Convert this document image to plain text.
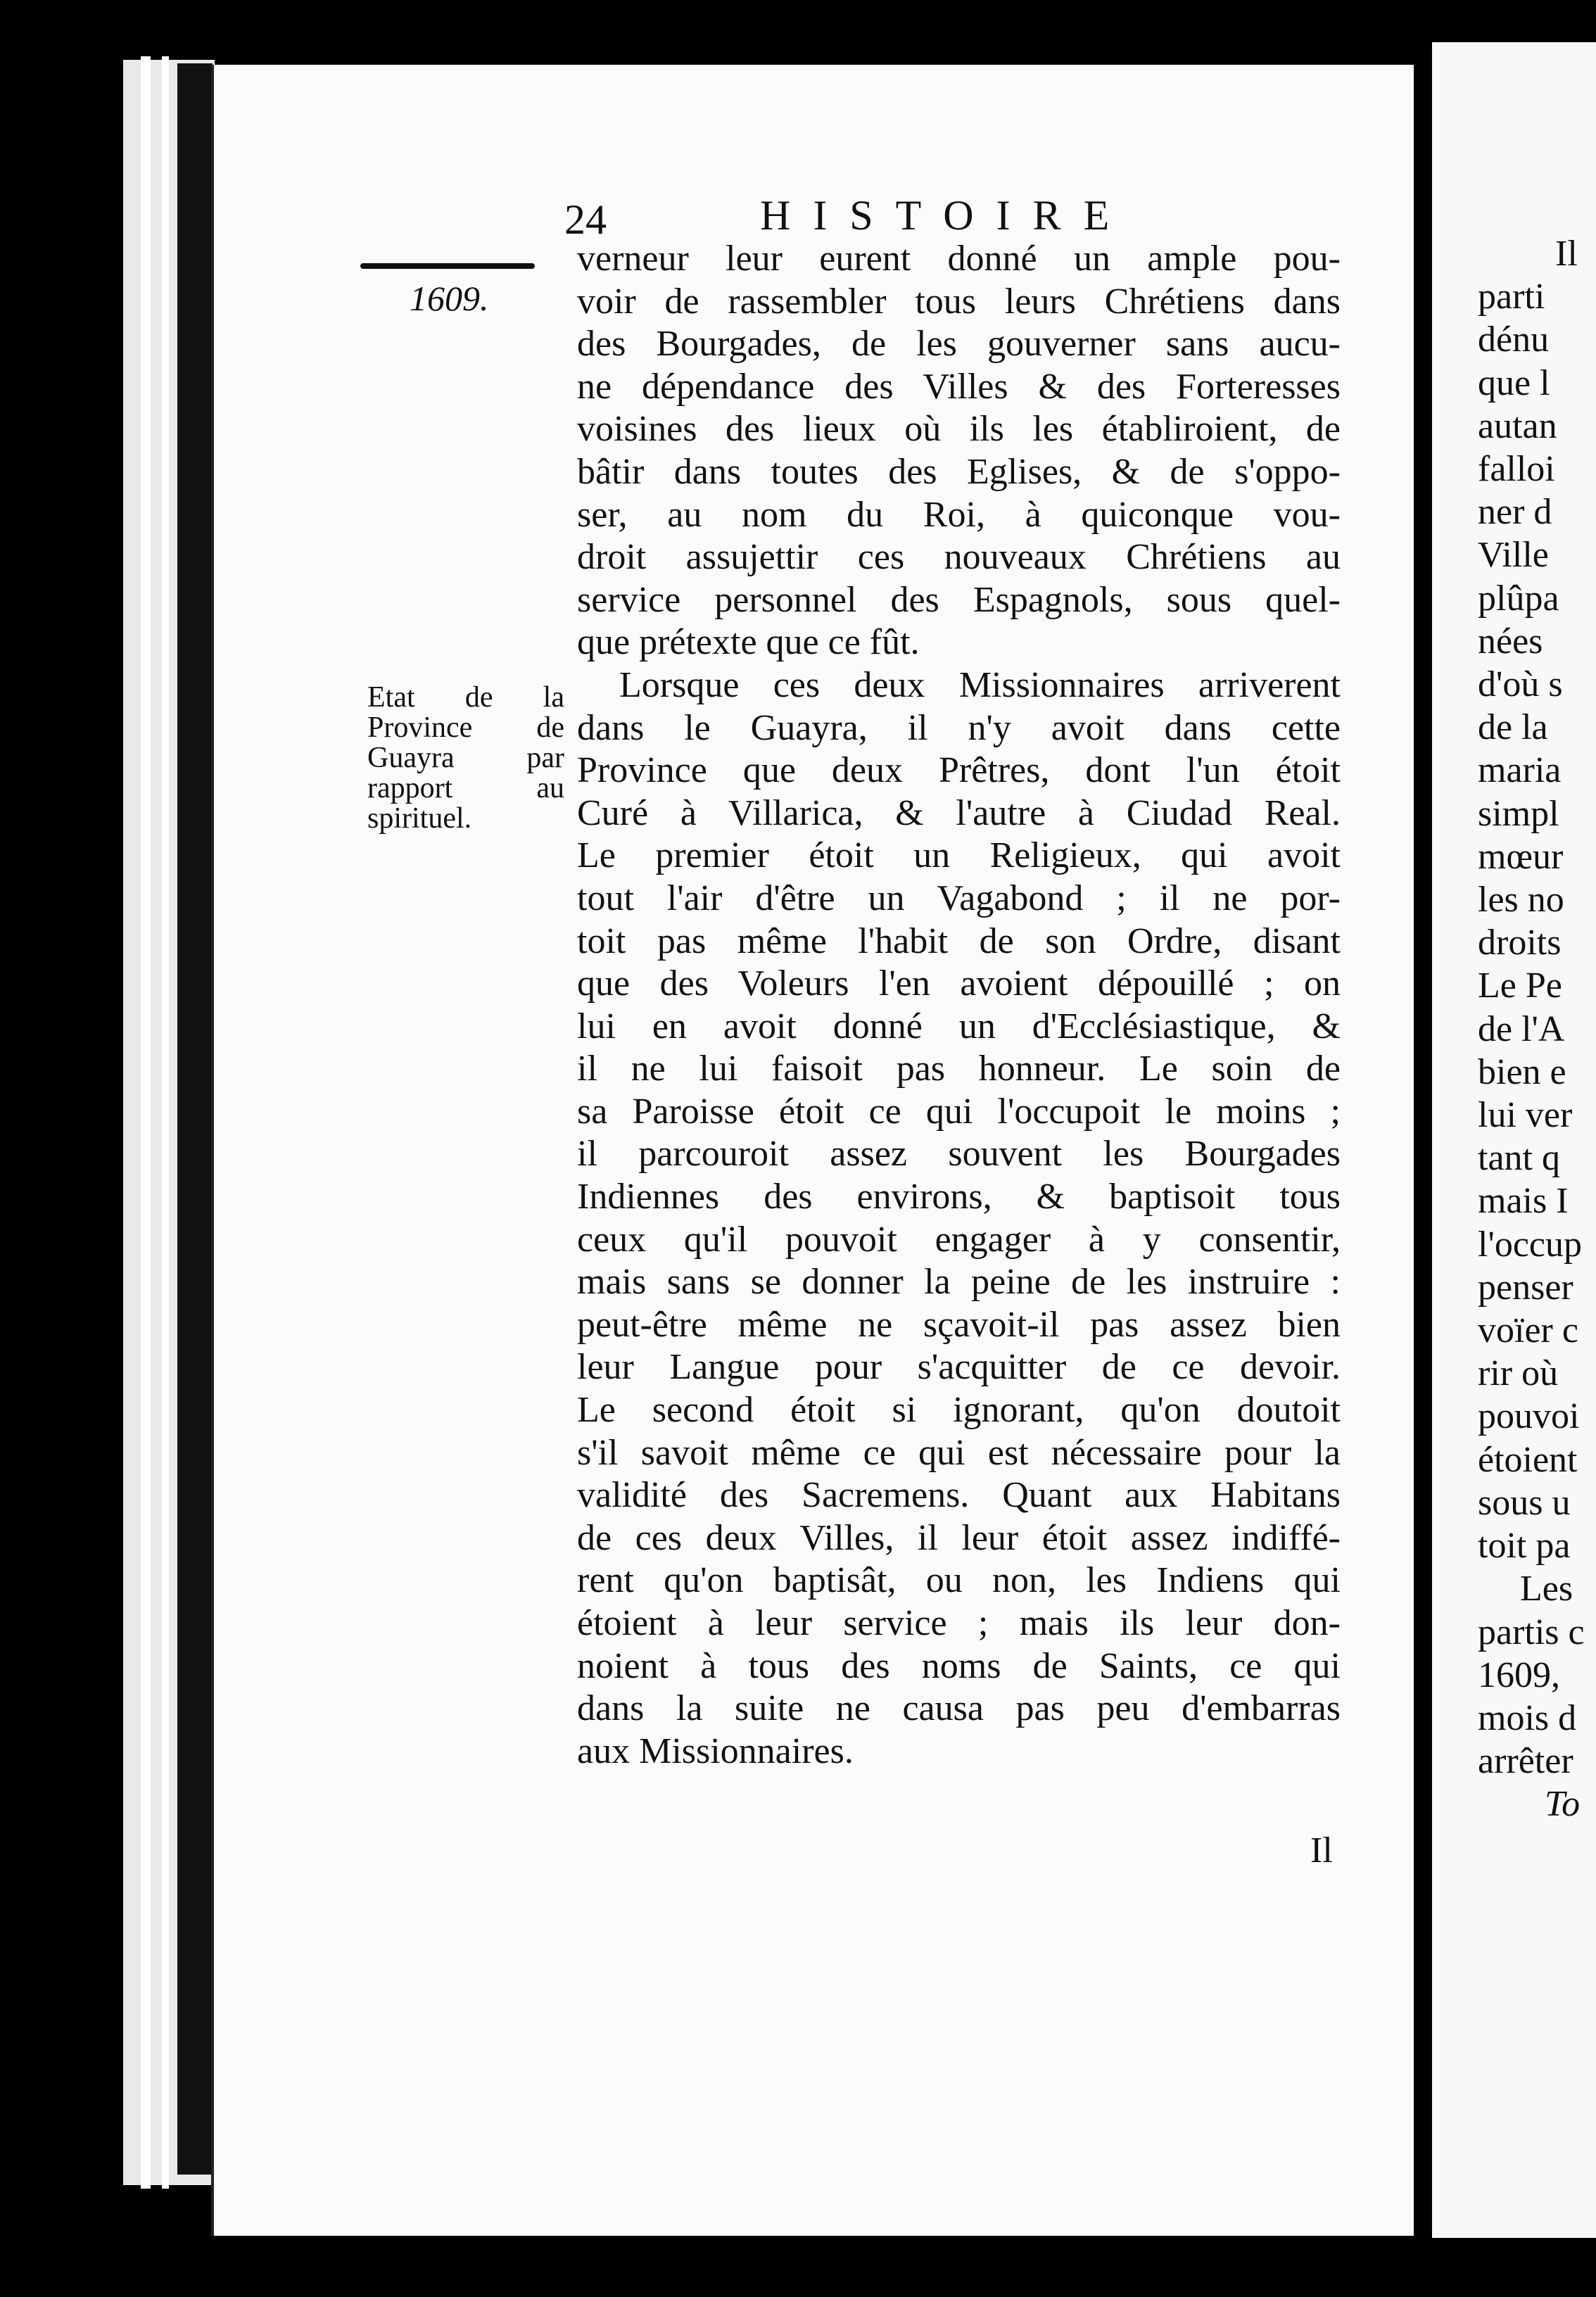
24	HISTOIRE
1609.
Etat de la
Province de
Guayra par
rapport au
spirituel.
verneur leur eurent donné un ample pou-
voir de rassembler tous leurs Chrétiens dans
des Bourgades, de les gouverner sans aucu-
ne dépendance des Villes & des Forteresses
voisines des lieux où ils les établiroient, de
bâtir dans toutes des Eglises, & de s'oppo-
ser, au nom du Roi, à quiconque vou-
droit assujettir ces nouveaux Chrétiens au
service personnel des Espagnols, sous quel-
que prétexte que ce fût.
Lorsque ces deux Missionnaires arriverent
dans le Guayra, il n'y avoit dans cette
Province que deux Prêtres, dont l'un étoit
Curé à Villarica, & l'autre à Ciudad Real.
Le premier étoit un Religieux, qui avoit
tout l'air d'être un Vagabond ; il ne por-
toit pas même l'habit de son Ordre, disant
que des Voleurs l'en avoient dépouillé ; on
lui en avoit donné un d'Ecclésiastique, &
il ne lui faisoit pas honneur. Le soin de
sa Paroisse étoit ce qui l'occupoit le moins ;
il parcouroit assez souvent les Bourgades
Indiennes des environs, & baptisoit tous
ceux qu'il pouvoit engager à y consentir,
mais sans se donner la peine de les instruire :
peut-être même ne sçavoit-il pas assez bien
leur Langue pour s'acquitter de ce devoir.
Le second étoit si ignorant, qu'on doutoit
s'il savoit même ce qui est nécessaire pour la
validité des Sacremens. Quant aux Habitans
de ces deux Villes, il leur étoit assez indiffé-
rent qu'on baptisât, ou non, les Indiens qui
étoient à leur service ; mais ils leur don-
noient à tous des noms de Saints, ce qui
dans la suite ne causa pas peu d'embarras
aux Missionnaires.
Il
Il
parti
dénu
que l
autan
falloi
ner d
Ville
plûpa
nées
d'où s
de la
maria
simpl
mœur
les no
droits
Le Pe
de l'A
bien e
lui ver
tant q
mais I
l'occup
penser
voïer c
rir où
pouvoi
étoient
sous u
toit pa
Les
partis c
1609,
mois d
arrêter
To
